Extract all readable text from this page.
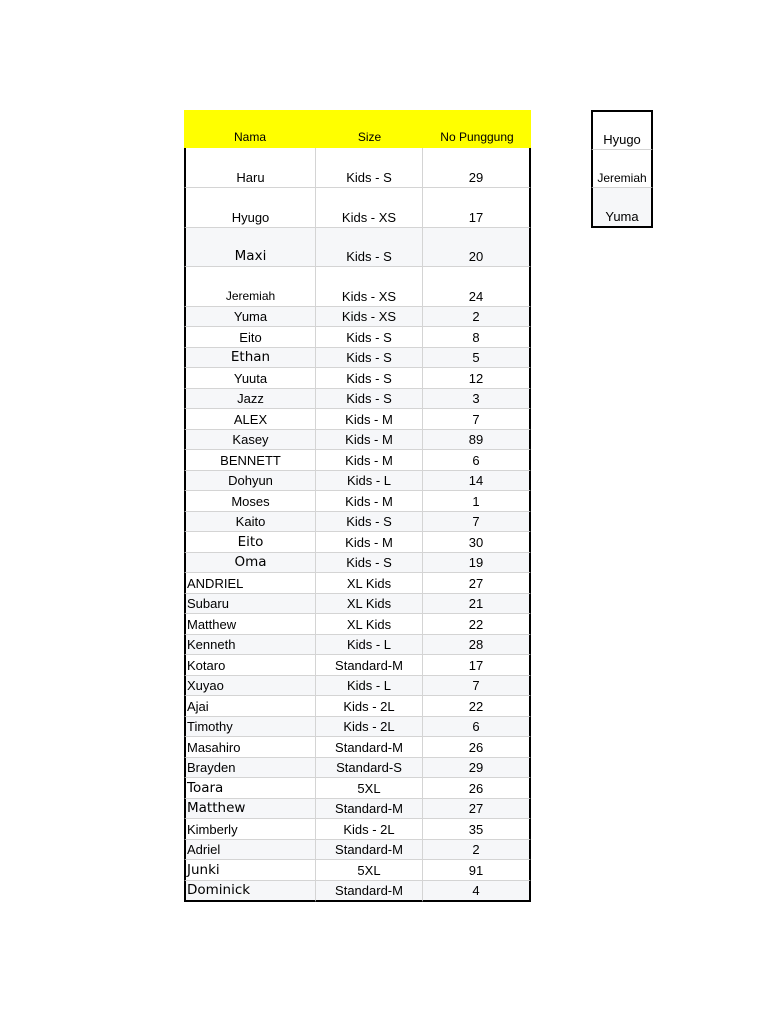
Nama	Size	No Punggung
Haru	Kids - S	29
Hyugo	Kids - XS	17
Maxi	Kids - S	20
Jeremiah	Kids - XS	24
Yuma	Kids - XS	2
Eito	Kids - S	8
Ethan	Kids - S	5
Yuuta	Kids - S	12
Jazz	Kids - S	3
ALEX	Kids - M	7
Kasey	Kids - M	89
BENNETT	Kids - M	6
Dohyun	Kids - L	14
Moses	Kids - M	1
Kaito	Kids - S	7
Eito	Kids - M	30
Oma	Kids - S	19
ANDRIEL	XL Kids	27
Subaru	XL Kids	21
Matthew	XL Kids	22
Kenneth	Kids - L	28
Kotaro	Standard-M	17
Xuyao	Kids - L	7
Ajai	Kids - 2L	22
Timothy	Kids - 2L	6
Masahiro	Standard-M	26
Brayden	Standard-S	29
Toara	5XL	26
Matthew	Standard-M	27
Kimberly	Kids - 2L	35
Adriel	Standard-M	2
Junki	5XL	91
Dominick	Standard-M	4
Hyugo
Jeremiah
Yuma
